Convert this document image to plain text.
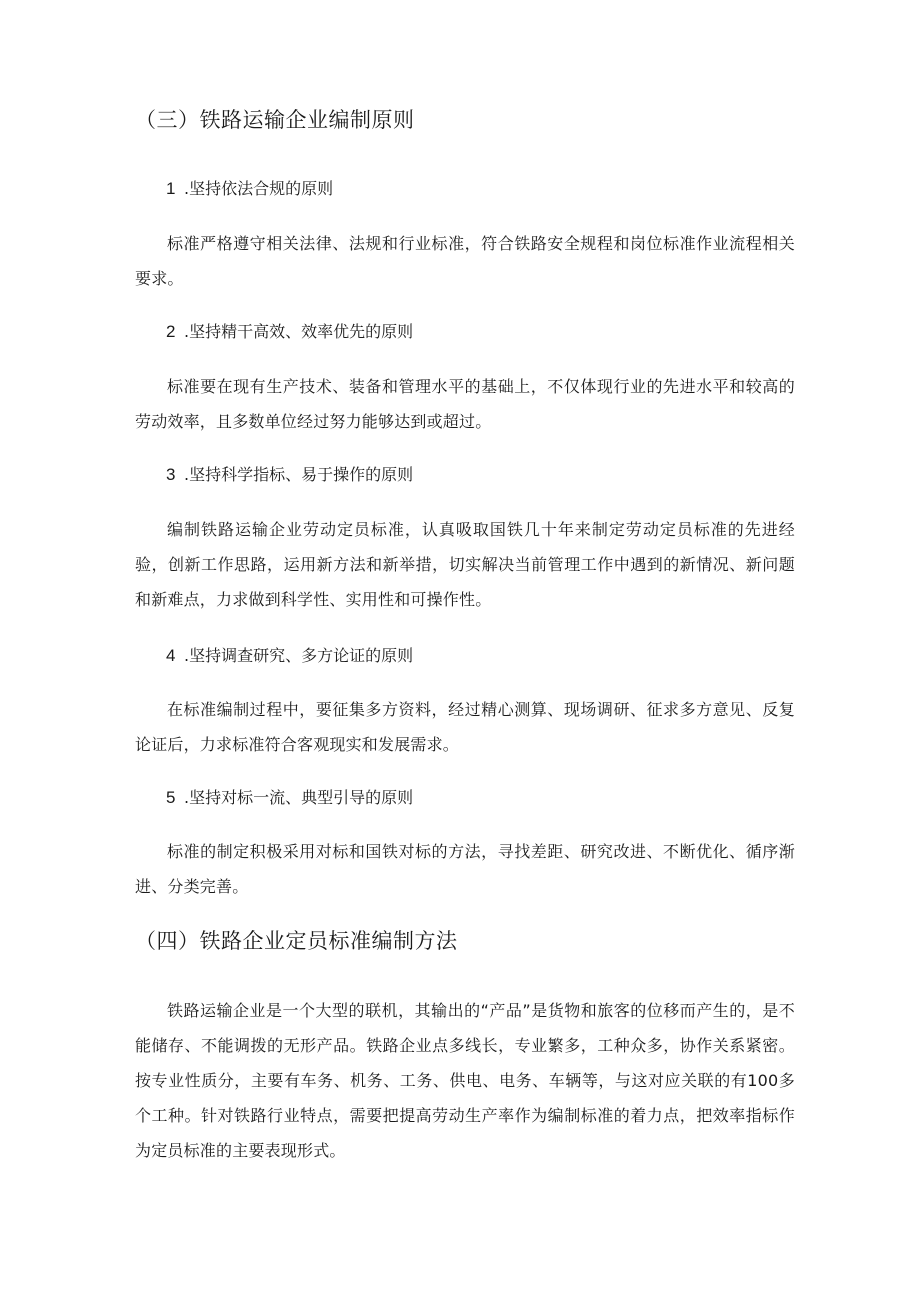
（三）铁路运输企业编制原则
1 .坚持依法合规的原则
标准严格遵守相关法律、法规和行业标准，符合铁路安全规程和岗位标准作业流程相关要求。
2 .坚持精干高效、效率优先的原则
标准要在现有生产技术、装备和管理水平的基础上，不仅体现行业的先进水平和较高的劳动效率，且多数单位经过努力能够达到或超过。
3 .坚持科学指标、易于操作的原则
编制铁路运输企业劳动定员标准，认真吸取国铁几十年来制定劳动定员标准的先进经验，创新工作思路，运用新方法和新举措，切实解决当前管理工作中遇到的新情况、新问题和新难点，力求做到科学性、实用性和可操作性。
4 .坚持调查研究、多方论证的原则
在标准编制过程中，要征集多方资料，经过精心测算、现场调研、征求多方意见、反复论证后，力求标准符合客观现实和发展需求。
5 .坚持对标一流、典型引导的原则
标准的制定积极采用对标和国铁对标的方法，寻找差距、研究改进、不断优化、循序渐进、分类完善。
（四）铁路企业定员标准编制方法
铁路运输企业是一个大型的联机，其输出的“产品”是货物和旅客的位移而产生的，是不能储存、不能调拨的无形产品。铁路企业点多线长，专业繁多，工种众多，协作关系紧密。按专业性质分，主要有车务、机务、工务、供电、电务、车辆等，与这对应关联的有100多个工种。针对铁路行业特点，需要把提高劳动生产率作为编制标准的着力点，把效率指标作为定员标准的主要表现形式。
